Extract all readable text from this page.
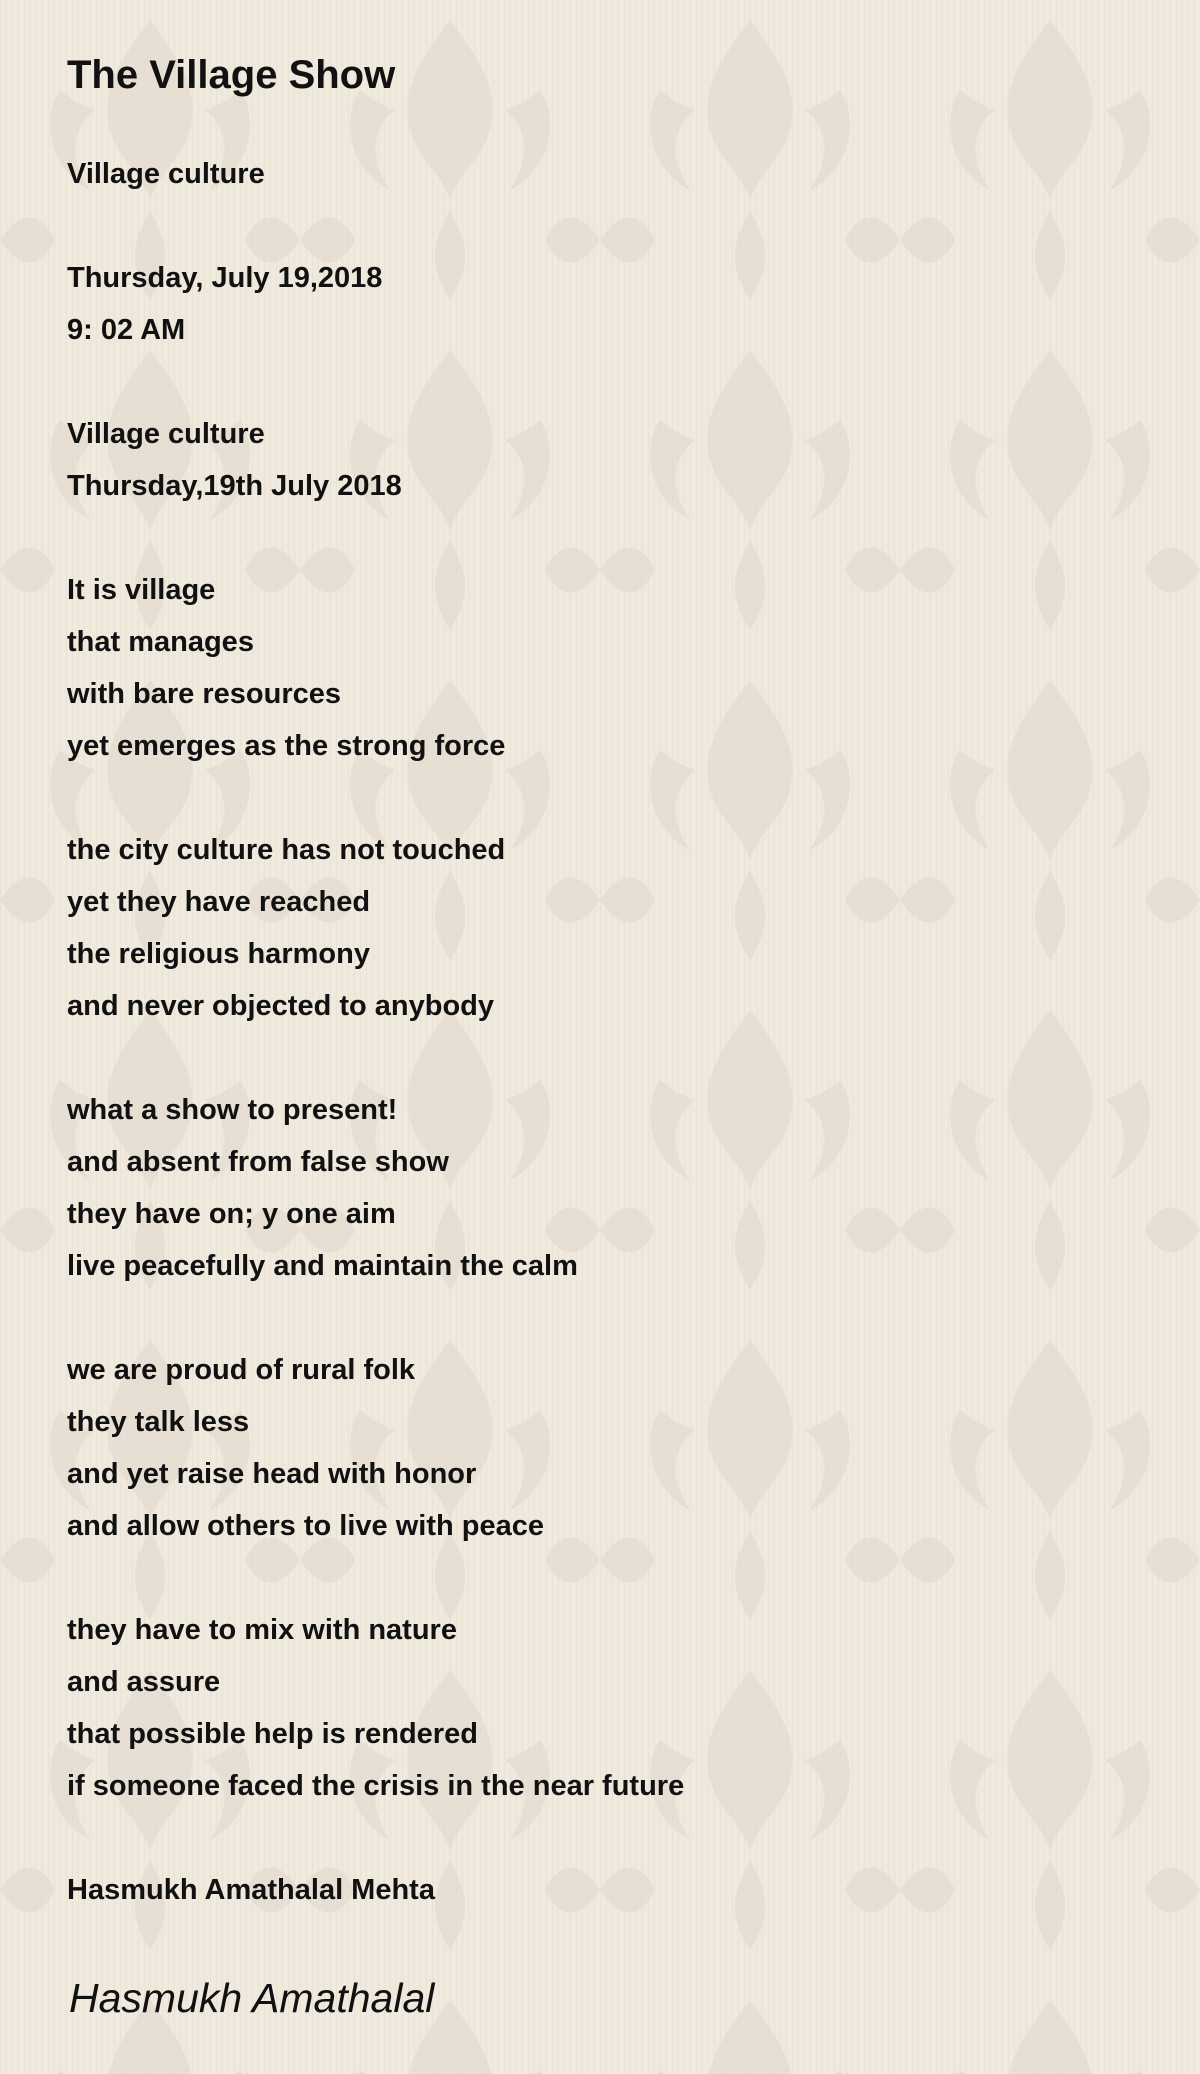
The Village Show
Village culture
Thursday, July 19,2018
9: 02 AM
Village culture
Thursday,19th July 2018
It is village
that manages
with bare resources
yet emerges as the strong force
the city culture has not touched
yet they have reached
the religious harmony
and never objected to anybody
what a show to present!
and absent from false show
they have on; y one aim
live peacefully and maintain the calm
we are proud of rural folk
they talk less
and yet raise head with honor
and allow others to live with peace
they have to mix with nature
and assure
that possible help is rendered
if someone faced the crisis in the near future
Hasmukh Amathalal Mehta
Hasmukh Amathalal
